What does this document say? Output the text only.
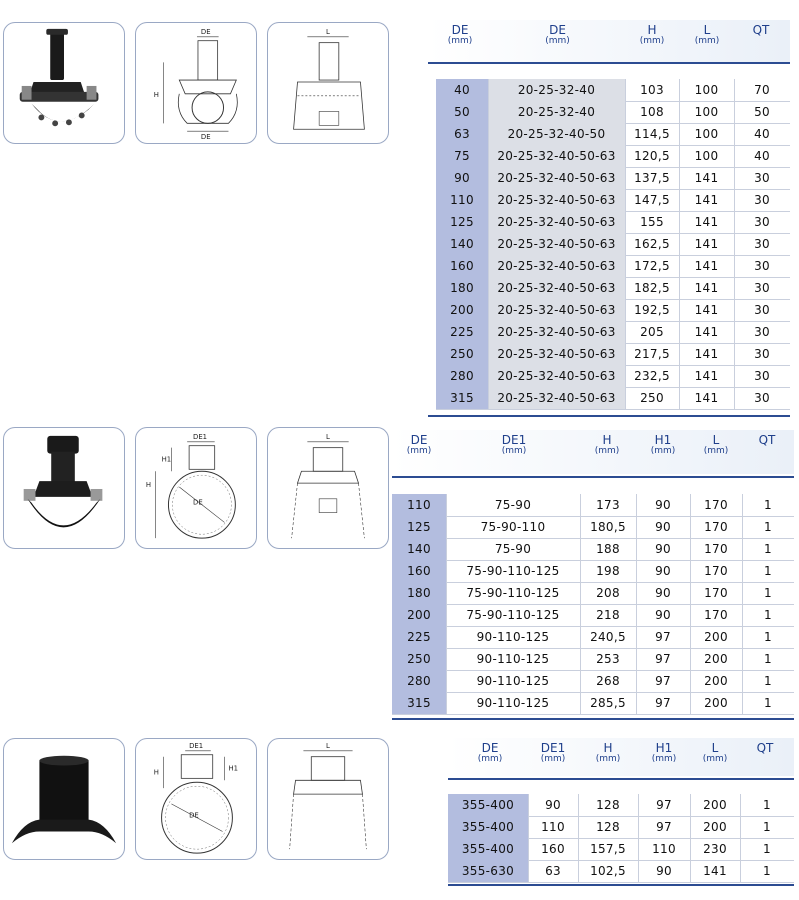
DE
H
DE
L	DE
(mm)
DE
(mm)
H
(mm)
L
(mm)
QT
40	20-25-32-40	103	100	70
50	20-25-32-40	108	100	50
63	20-25-32-40-50	114,5	100	40
75	20-25-32-40-50-63	120,5	100	40
90	20-25-32-40-50-63	137,5	141	30
110	20-25-32-40-50-63	147,5	141	30
125	20-25-32-40-50-63	155	141	30
140	20-25-32-40-50-63	162,5	141	30
160	20-25-32-40-50-63	172,5	141	30
180	20-25-32-40-50-63	182,5	141	30
200	20-25-32-40-50-63	192,5	141	30
225	20-25-32-40-50-63	205	141	30
250	20-25-32-40-50-63	217,5	141	30
280	20-25-32-40-50-63	232,5	141	30
315	20-25-32-40-50-63	250	141	30
DE1
H1
H
DE
L	DE
(mm)
DE1
(mm)
H
(mm)
H1
(mm)
L
(mm)
QT
110	75-90	173	90	170	1
125	75-90-110	180,5	90	170	1
140	75-90	188	90	170	1
160	75-90-110-125	198	90	170	1
180	75-90-110-125	208	90	170	1
200	75-90-110-125	218	90	170	1
225	90-110-125	240,5	97	200	1
250	90-110-125	253	97	200	1
280	90-110-125	268	97	200	1
315	90-110-125	285,5	97	200	1
DE1
H	H1
DE
L	DE
(mm)
DE1
(mm)
H
(mm)
H1
(mm)
L
(mm)
QT
355-400	90	128	97	200	1
355-400	110	128	97	200	1
355-400	160	157,5	110	230	1
355-630	63	102,5	90	141	1
